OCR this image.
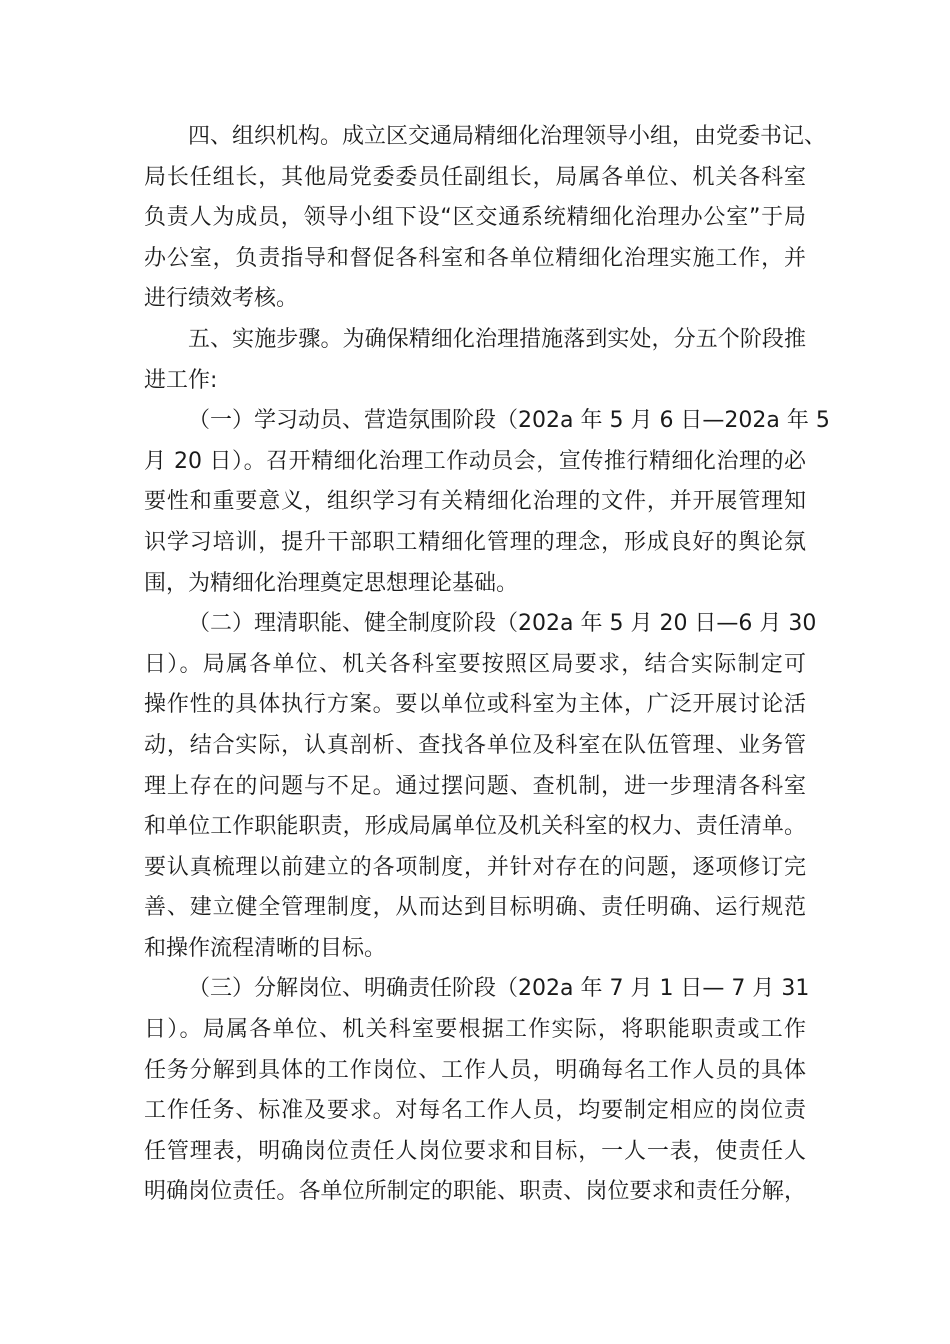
四、组织机构。成立区交通局精细化治理领导小组，由党委书记、
局长任组长，其他局党委委员任副组长，局属各单位、机关各科室
负责人为成员，领导小组下设“区交通系统精细化治理办公室”于局
办公室，负责指导和督促各科室和各单位精细化治理实施工作，并
进行绩效考核。

五、实施步骤。为确保精细化治理措施落到实处，分五个阶段推
进工作:

（一）学习动员、营造氛围阶段（202a 年 5 月 6 日—202a 年 5
月 20 日）。召开精细化治理工作动员会，宣传推行精细化治理的必
要性和重要意义，组织学习有关精细化治理的文件，并开展管理知
识学习培训，提升干部职工精细化管理的理念，形成良好的舆论氛
围，为精细化治理奠定思想理论基础。

（二）理清职能、健全制度阶段（202a 年 5 月 20 日—6 月 30
日）。局属各单位、机关各科室要按照区局要求，结合实际制定可
操作性的具体执行方案。要以单位或科室为主体，广泛开展讨论活
动，结合实际，认真剖析、查找各单位及科室在队伍管理、业务管
理上存在的问题与不足。通过摆问题、查机制，进一步理清各科室
和单位工作职能职责，形成局属单位及机关科室的权力、责任清单。
要认真梳理以前建立的各项制度，并针对存在的问题，逐项修订完
善、建立健全管理制度，从而达到目标明确、责任明确、运行规范
和操作流程清晰的目标。

（三）分解岗位、明确责任阶段（202a 年 7 月 1 日— 7 月 31
日）。局属各单位、机关科室要根据工作实际，将职能职责或工作
任务分解到具体的工作岗位、工作人员，明确每名工作人员的具体
工作任务、标准及要求。对每名工作人员，均要制定相应的岗位责
任管理表，明确岗位责任人岗位要求和目标，一人一表，使责任人
明确岗位责任。各单位所制定的职能、职责、岗位要求和责任分解，
